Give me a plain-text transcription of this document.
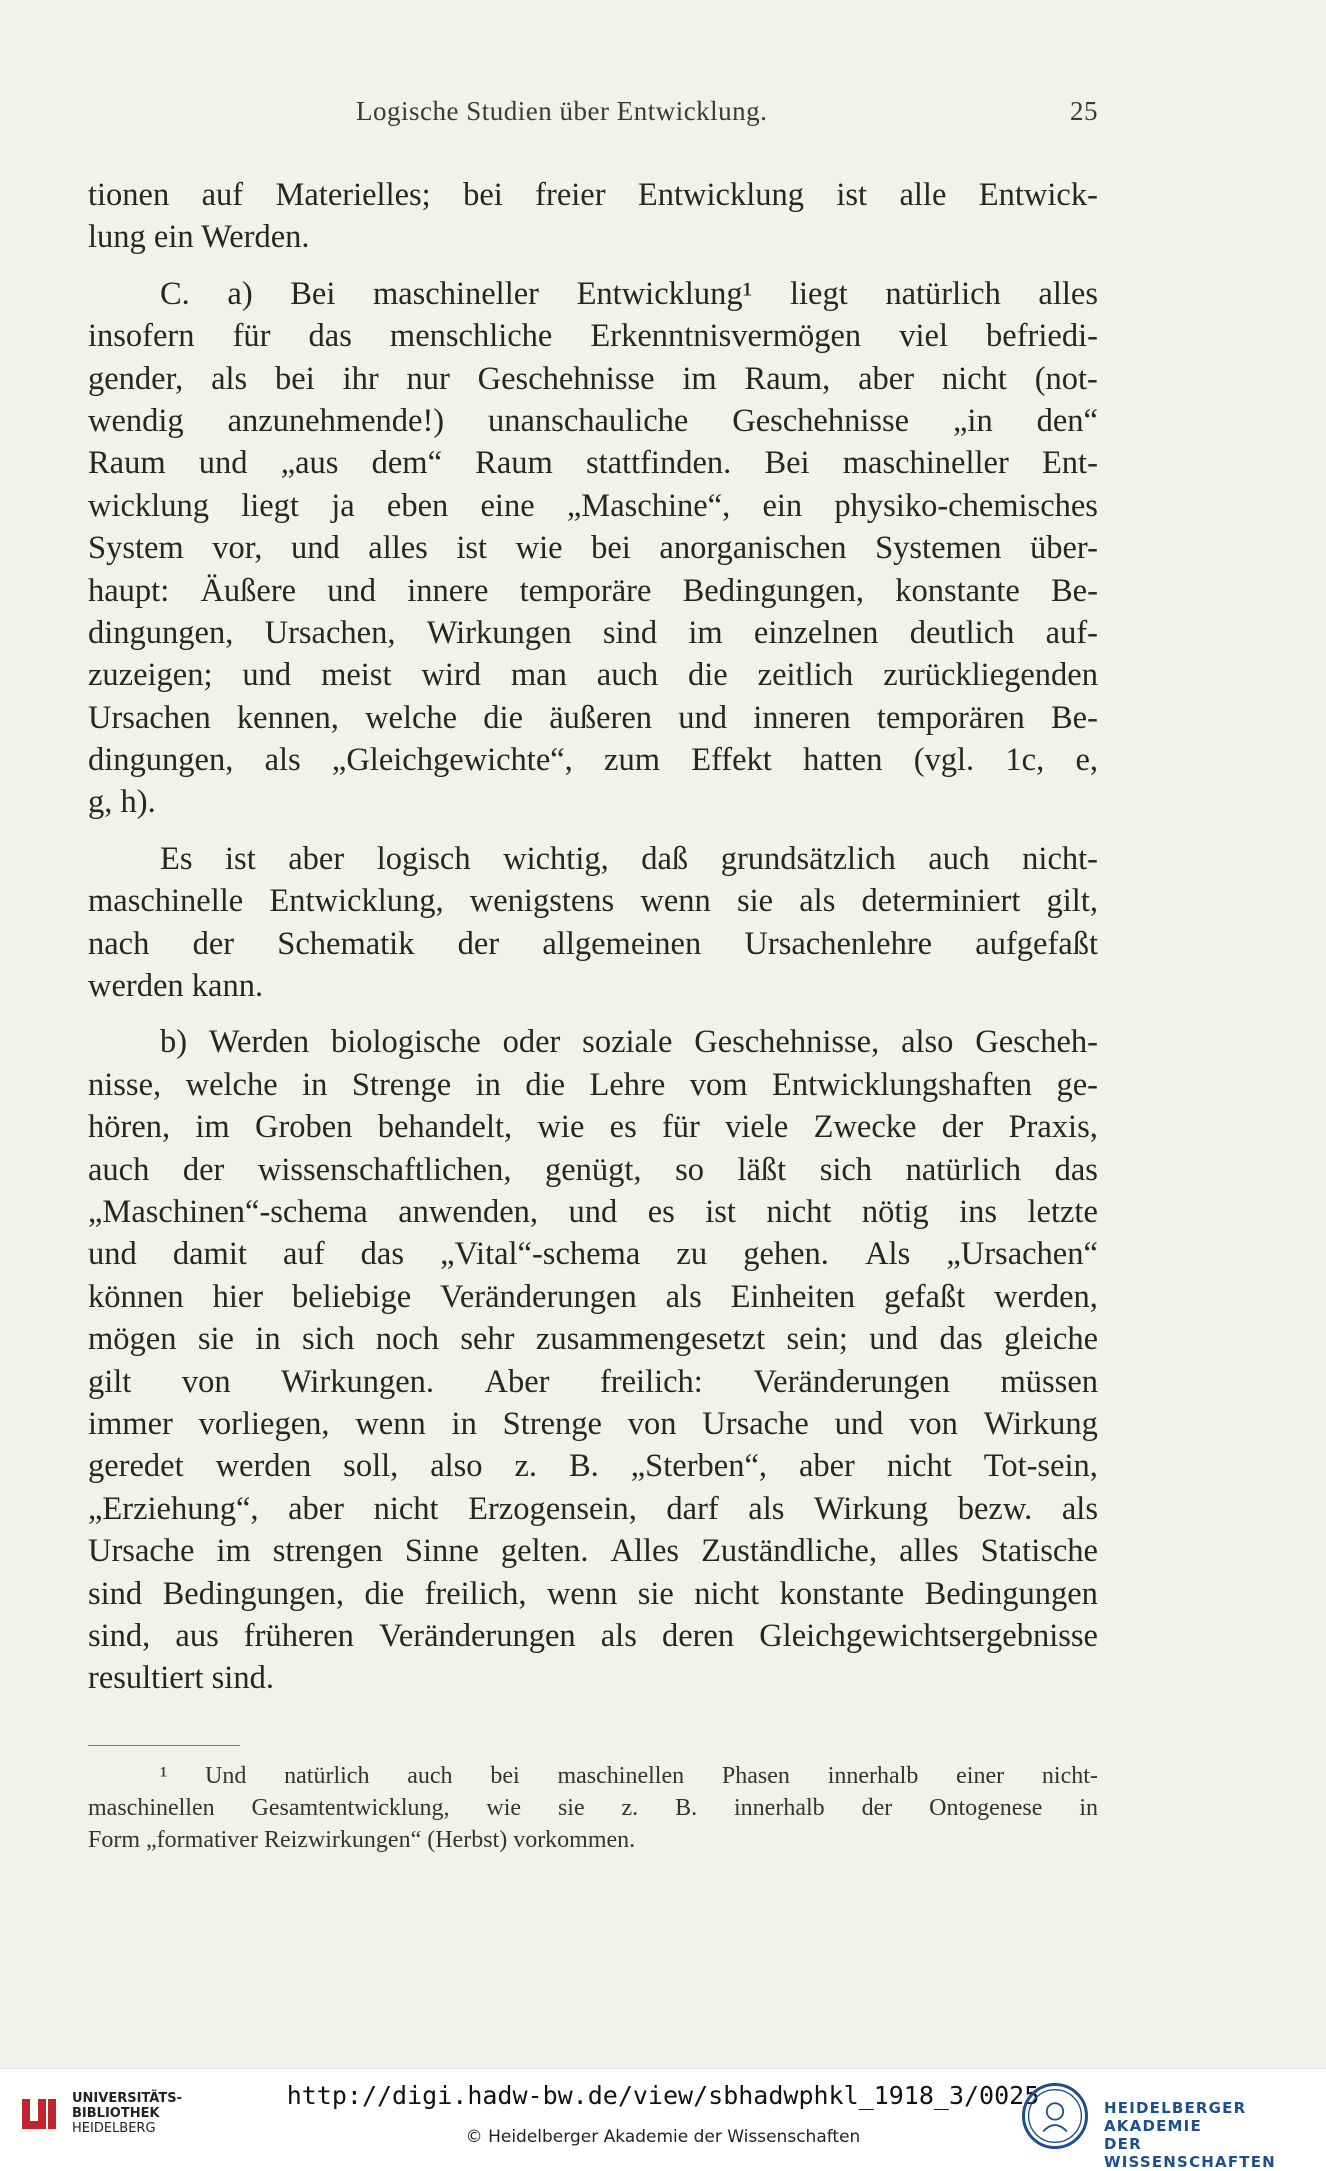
Logische Studien über Entwicklung.	25
tionen auf Materielles; bei freier Entwicklung ist alle Entwick-
lung ein Werden.
C. a) Bei maschineller Entwicklung¹ liegt natürlich alles
insofern für das menschliche Erkenntnisvermögen viel befriedi-
gender, als bei ihr nur Geschehnisse im Raum, aber nicht (not-
wendig anzunehmende!) unanschauliche Geschehnisse „in den“
Raum und „aus dem“ Raum stattfinden. Bei maschineller Ent-
wicklung liegt ja eben eine „Maschine“, ein physiko-chemisches
System vor, und alles ist wie bei anorganischen Systemen über-
haupt: Äußere und innere temporäre Bedingungen, konstante Be-
dingungen, Ursachen, Wirkungen sind im einzelnen deutlich auf-
zuzeigen; und meist wird man auch die zeitlich zurückliegenden
Ursachen kennen, welche die äußeren und inneren temporären Be-
dingungen, als „Gleichgewichte“, zum Effekt hatten (vgl. 1c, e,
g, h).
Es ist aber logisch wichtig, daß grundsätzlich auch nicht-
maschinelle Entwicklung, wenigstens wenn sie als determiniert gilt,
nach der Schematik der allgemeinen Ursachenlehre aufgefaßt
werden kann.
b) Werden biologische oder soziale Geschehnisse, also Gescheh-
nisse, welche in Strenge in die Lehre vom Entwicklungshaften ge-
hören, im Groben behandelt, wie es für viele Zwecke der Praxis,
auch der wissenschaftlichen, genügt, so läßt sich natürlich das
„Maschinen“-schema anwenden, und es ist nicht nötig ins letzte
und damit auf das „Vital“-schema zu gehen. Als „Ursachen“
können hier beliebige Veränderungen als Einheiten gefaßt werden,
mögen sie in sich noch sehr zusammengesetzt sein; und das gleiche
gilt von Wirkungen. Aber freilich: Veränderungen müssen
immer vorliegen, wenn in Strenge von Ursache und von Wirkung
geredet werden soll, also z. B. „Sterben“, aber nicht Tot-sein,
„Erziehung“, aber nicht Erzogensein, darf als Wirkung bezw. als
Ursache im strengen Sinne gelten. Alles Zuständliche, alles Statische
sind Bedingungen, die freilich, wenn sie nicht konstante Bedingungen
sind, aus früheren Veränderungen als deren Gleichgewichtsergebnisse
resultiert sind.
¹ Und natürlich auch bei maschinellen Phasen innerhalb einer nicht-
maschinellen Gesamtentwicklung, wie sie z. B. innerhalb der Ontogenese in
Form „formativer Reizwirkungen“ (Herbst) vorkommen.
UNIVERSITÄTS-
BIBLIOTHEK
HEIDELBERG
http://digi.hadw-bw.de/view/sbhadwphkl_1918_3/0025
© Heidelberger Akademie der Wissenschaften
HEIDELBERGER AKADEMIE
DER WISSENSCHAFTEN
